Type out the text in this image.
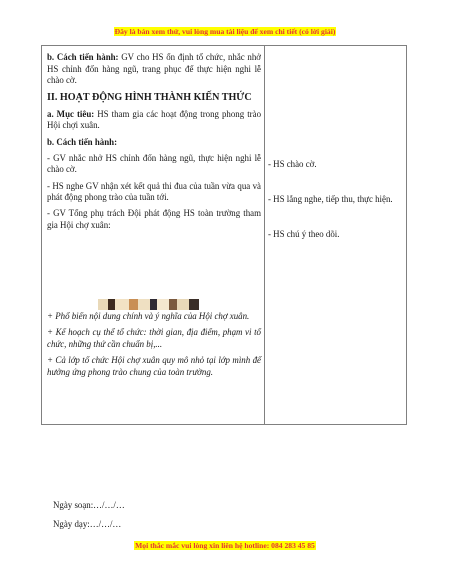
Đây là bản xem thử, vui lòng mua tài liệu để xem chi tiết (có lời giải)

b. Cách tiến hành: GV cho HS ổn định tổ chức, nhắc nhở HS chỉnh đốn hàng ngũ, trang phục để thực hiện nghi lễ chào cờ.

II. HOẠT ĐỘNG HÌNH THÀNH KIẾN THỨC

a. Mục tiêu: HS tham gia các hoạt động trong phong trào Hội chợi xuân.

b. Cách tiến hành:

- GV nhắc nhở HS chỉnh đốn hàng ngũ, thực hiện nghi lễ chào cờ.

- HS nghe GV nhận xét kết quả thi đua của tuần vừa qua và phát động phong trào của tuần tới.

- GV Tổng phụ trách Đội phát động HS toàn trường tham gia Hội chợ xuân:

+ Phổ biến nội dung chính và ý nghĩa của Hội chợ xuân.

+ Kế hoạch cụ thể tổ chức: thời gian, địa điểm, phạm vi tổ chức, những thứ cần chuẩn bị,...

+ Cả lớp tổ chức Hội chợ xuân quy mô nhỏ tại lớp mình để hưởng ứng phong trào chung của toàn trường.

- HS chào cờ.
- HS lắng nghe, tiếp thu, thực hiện.
- HS chú ý theo dõi.
Ngày soạn:…/…/…
Ngày dạy:…/…/…
Mọi thắc mắc vui lòng xin liên hệ hotline: 084 283 45 85
